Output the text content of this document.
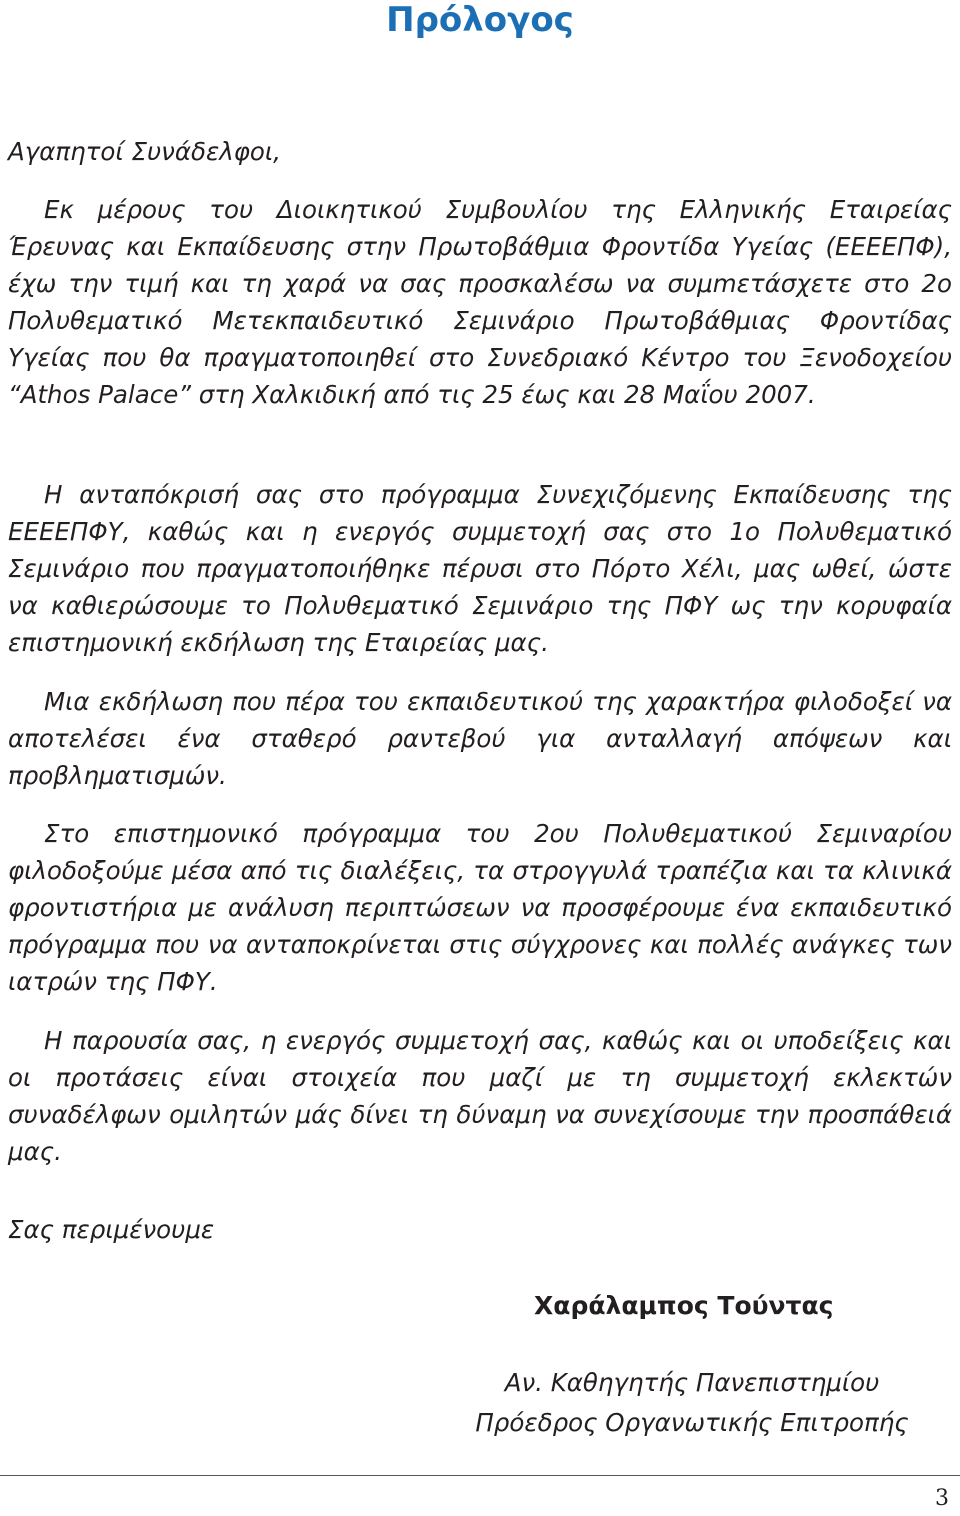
Πρόλογος
Αγαπητοί Συνάδελφοι,

Εκ μέρους του Διοικητικού Συμβουλίου της Ελληνικής Εταιρείας Έρευνας και Εκπαίδευσης στην Πρωτοβάθμια Φροντίδα Υγείας (ΕΕΕΕΠΦ), έχω την τιμή και τη χαρά να σας προσκαλέσω να συμmετάσχετε στο 2ο Πολυθεματικό Μετεκπαιδευτικό Σεμινάριο Πρωτοβάθμιας Φροντίδας Υγείας που θα πραγματοποιηθεί στο Συνεδριακό Κέντρο του Ξενοδοχείου “Athos Palace” στη Χαλκιδική από τις 25 έως και 28 Μαΐου 2007.

Η ανταπόκρισή σας στο πρόγραμμα Συνεχιζόμενης Εκπαίδευσης της ΕΕΕΕΠΦΥ, καθώς και η ενεργός συμμετοχή σας στο 1ο Πολυθεματικό Σεμινάριο που πραγματοποιήθηκε πέρυσι στο Πόρτο Χέλι, μας ωθεί, ώστε να καθιερώσουμε το Πολυθεματικό Σεμινάριο της ΠΦΥ ως την κορυφαία επιστημονική εκδήλωση της Εταιρείας μας.

Μια εκδήλωση που πέρα του εκπαιδευτικού της χαρακτήρα φιλοδοξεί να αποτελέσει ένα σταθερό ραντεβού για ανταλλαγή απόψεων και προβληματισμών.

Στο επιστημονικό πρόγραμμα του 2ου Πολυθεματικού Σεμιναρίου φιλοδοξούμε μέσα από τις διαλέξεις, τα στρογγυλά τραπέζια και τα κλινικά φροντιστήρια με ανάλυση περιπτώσεων να προσφέρουμε ένα εκπαιδευτικό πρόγραμμα που να ανταποκρίνεται στις σύγχρονες και πολλές ανάγκες των ιατρών της ΠΦΥ.

Η παρουσία σας, η ενεργός συμμετοχή σας, καθώς και οι υποδείξεις και οι προτάσεις είναι στοιχεία που μαζί με τη συμμετοχή εκλεκτών συναδέλφων ομιλητών μάς δίνει τη δύναμη να συνεχίσουμε την προσπάθειά μας.

Σας περιμένουμε
Χαράλαμπος Τούντας
Αν. Καθηγητής Πανεπιστημίου
Πρόεδρος Οργανωτικής Επιτροπής
3
